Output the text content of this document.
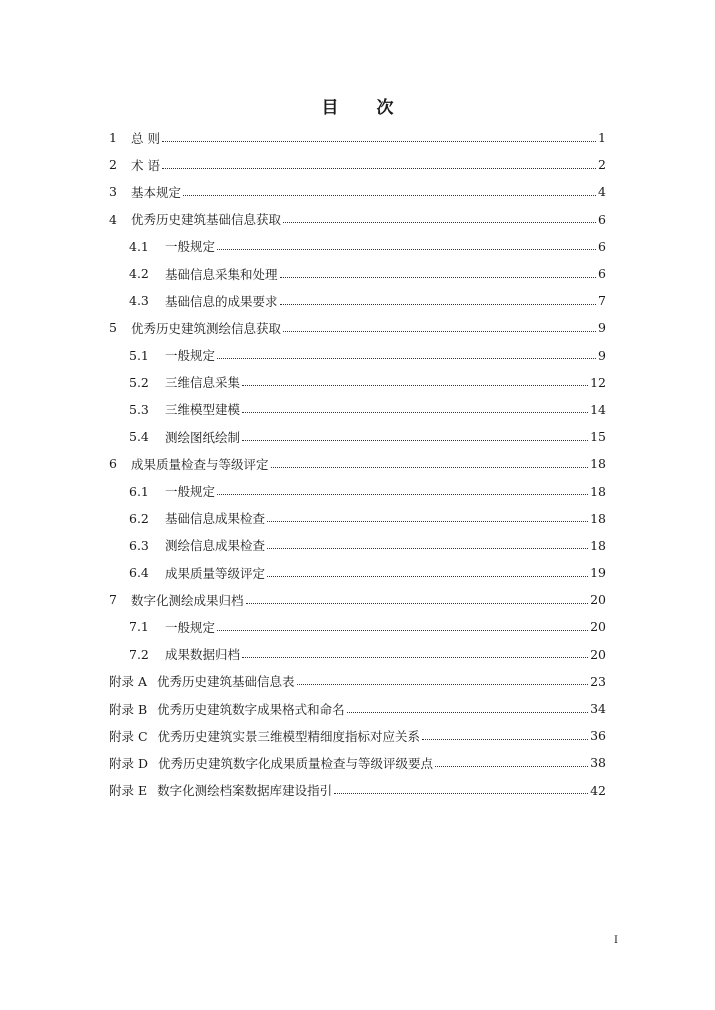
目 次
1 总 则	1
2 术 语	2
3 基本规定	4
4 优秀历史建筑基础信息获取	6
4.1	一般规定	6
4.2	基础信息采集和处理	6
4.3	基础信息的成果要求	7
5 优秀历史建筑测绘信息获取	9
5.1	一般规定	9
5.2	三维信息采集	12
5.3	三维模型建模	14
5.4	测绘图纸绘制	15
6 成果质量检查与等级评定	18
6.1	一般规定	18
6.2	基础信息成果检查	18
6.3	测绘信息成果检查	18
6.4	成果质量等级评定	19
7 数字化测绘成果归档	20
7.1	一般规定	20
7.2	成果数据归档	20
附录 A 优秀历史建筑基础信息表	23
附录 B 优秀历史建筑数字成果格式和命名	34
附录 C 优秀历史建筑实景三维模型精细度指标对应关系	36
附录 D 优秀历史建筑数字化成果质量检查与等级评级要点	38
附录 E 数字化测绘档案数据库建设指引	42
I
